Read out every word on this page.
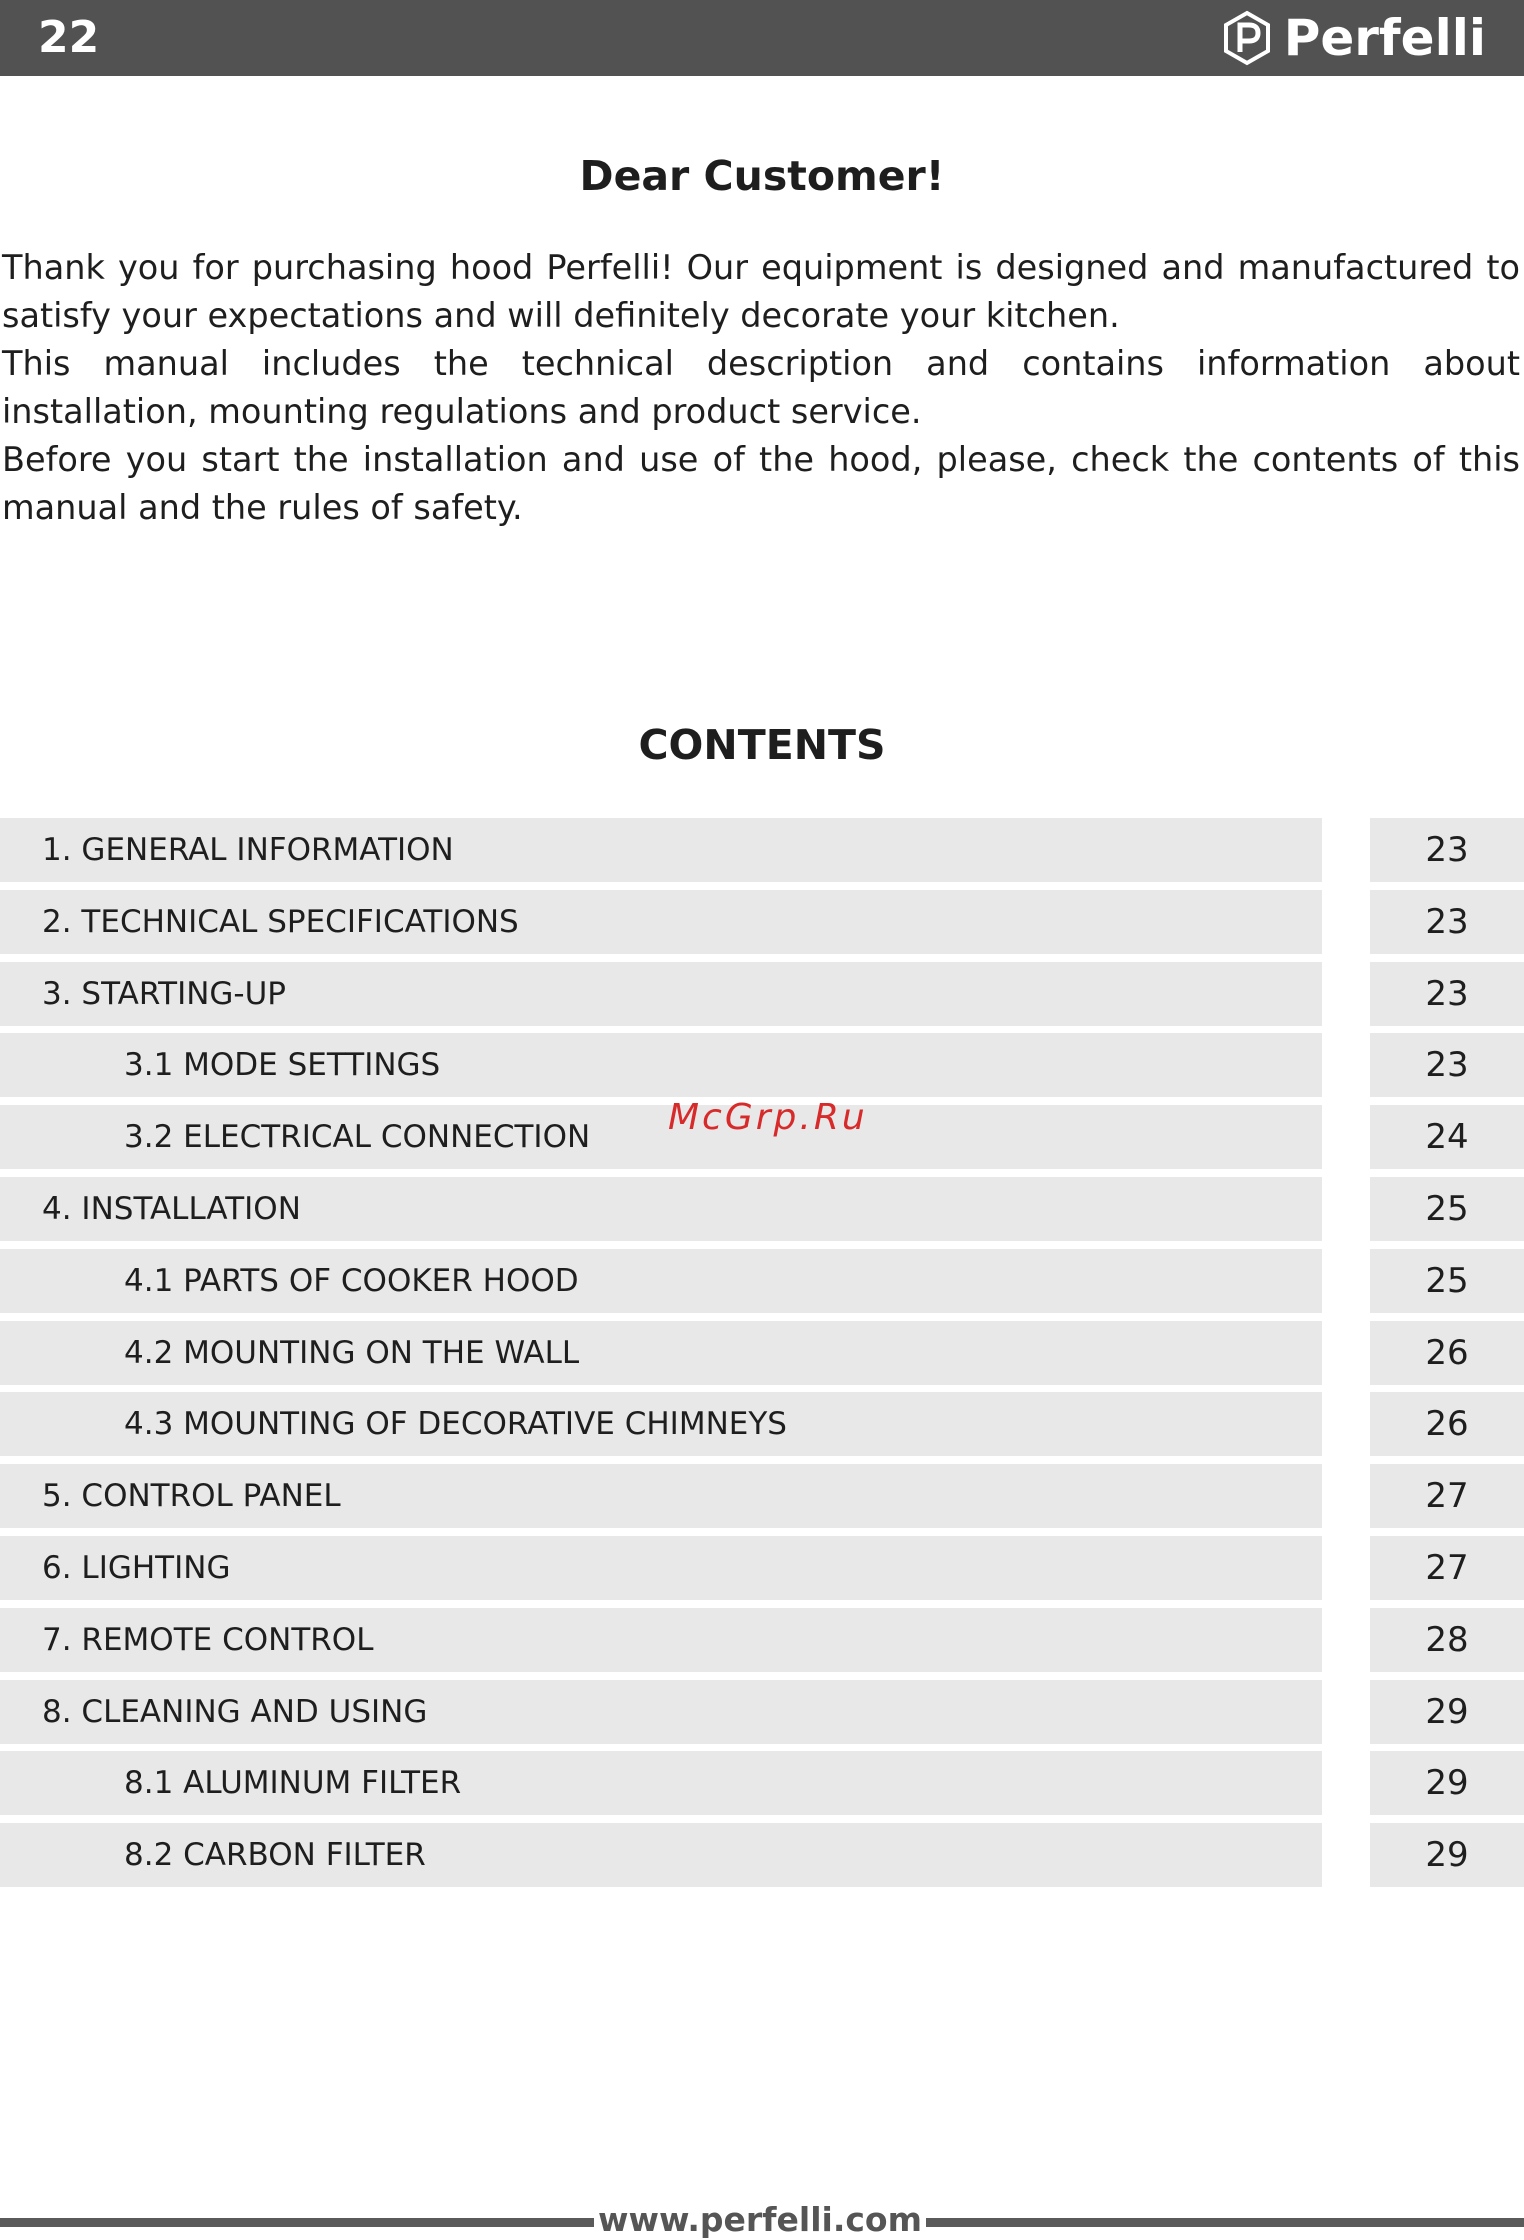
22	Perfelli
Dear Customer!

Thank you for purchasing hood Perfelli! Our equipment is designed and manufactured to satisfy your expectations and will definitely decorate your kitchen.

This manual includes the technical description and contains information about installation, mounting regulations and product service.

Before you start the installation and use of the hood, please, check the contents of this manual and the rules of safety.

CONTENTS
1. GENERAL INFORMATION	23
2. TECHNICAL SPECIFICATIONS	23
3. STARTING-UP	23
3.1 MODE SETTINGS	23
3.2 ELECTRICAL CONNECTION	24
4. INSTALLATION	25
4.1 PARTS OF COOKER HOOD	25
4.2 MOUNTING ON THE WALL	26
4.3 MOUNTING OF DECORATIVE CHIMNEYS	26
5. CONTROL PANEL	27
6. LIGHTING	27
7. REMOTE CONTROL	28
8. CLEANING AND USING	29
8.1 ALUMINUM FILTER	29
8.2 CARBON FILTER	29
McGrp.Ru
www.perfelli.com
